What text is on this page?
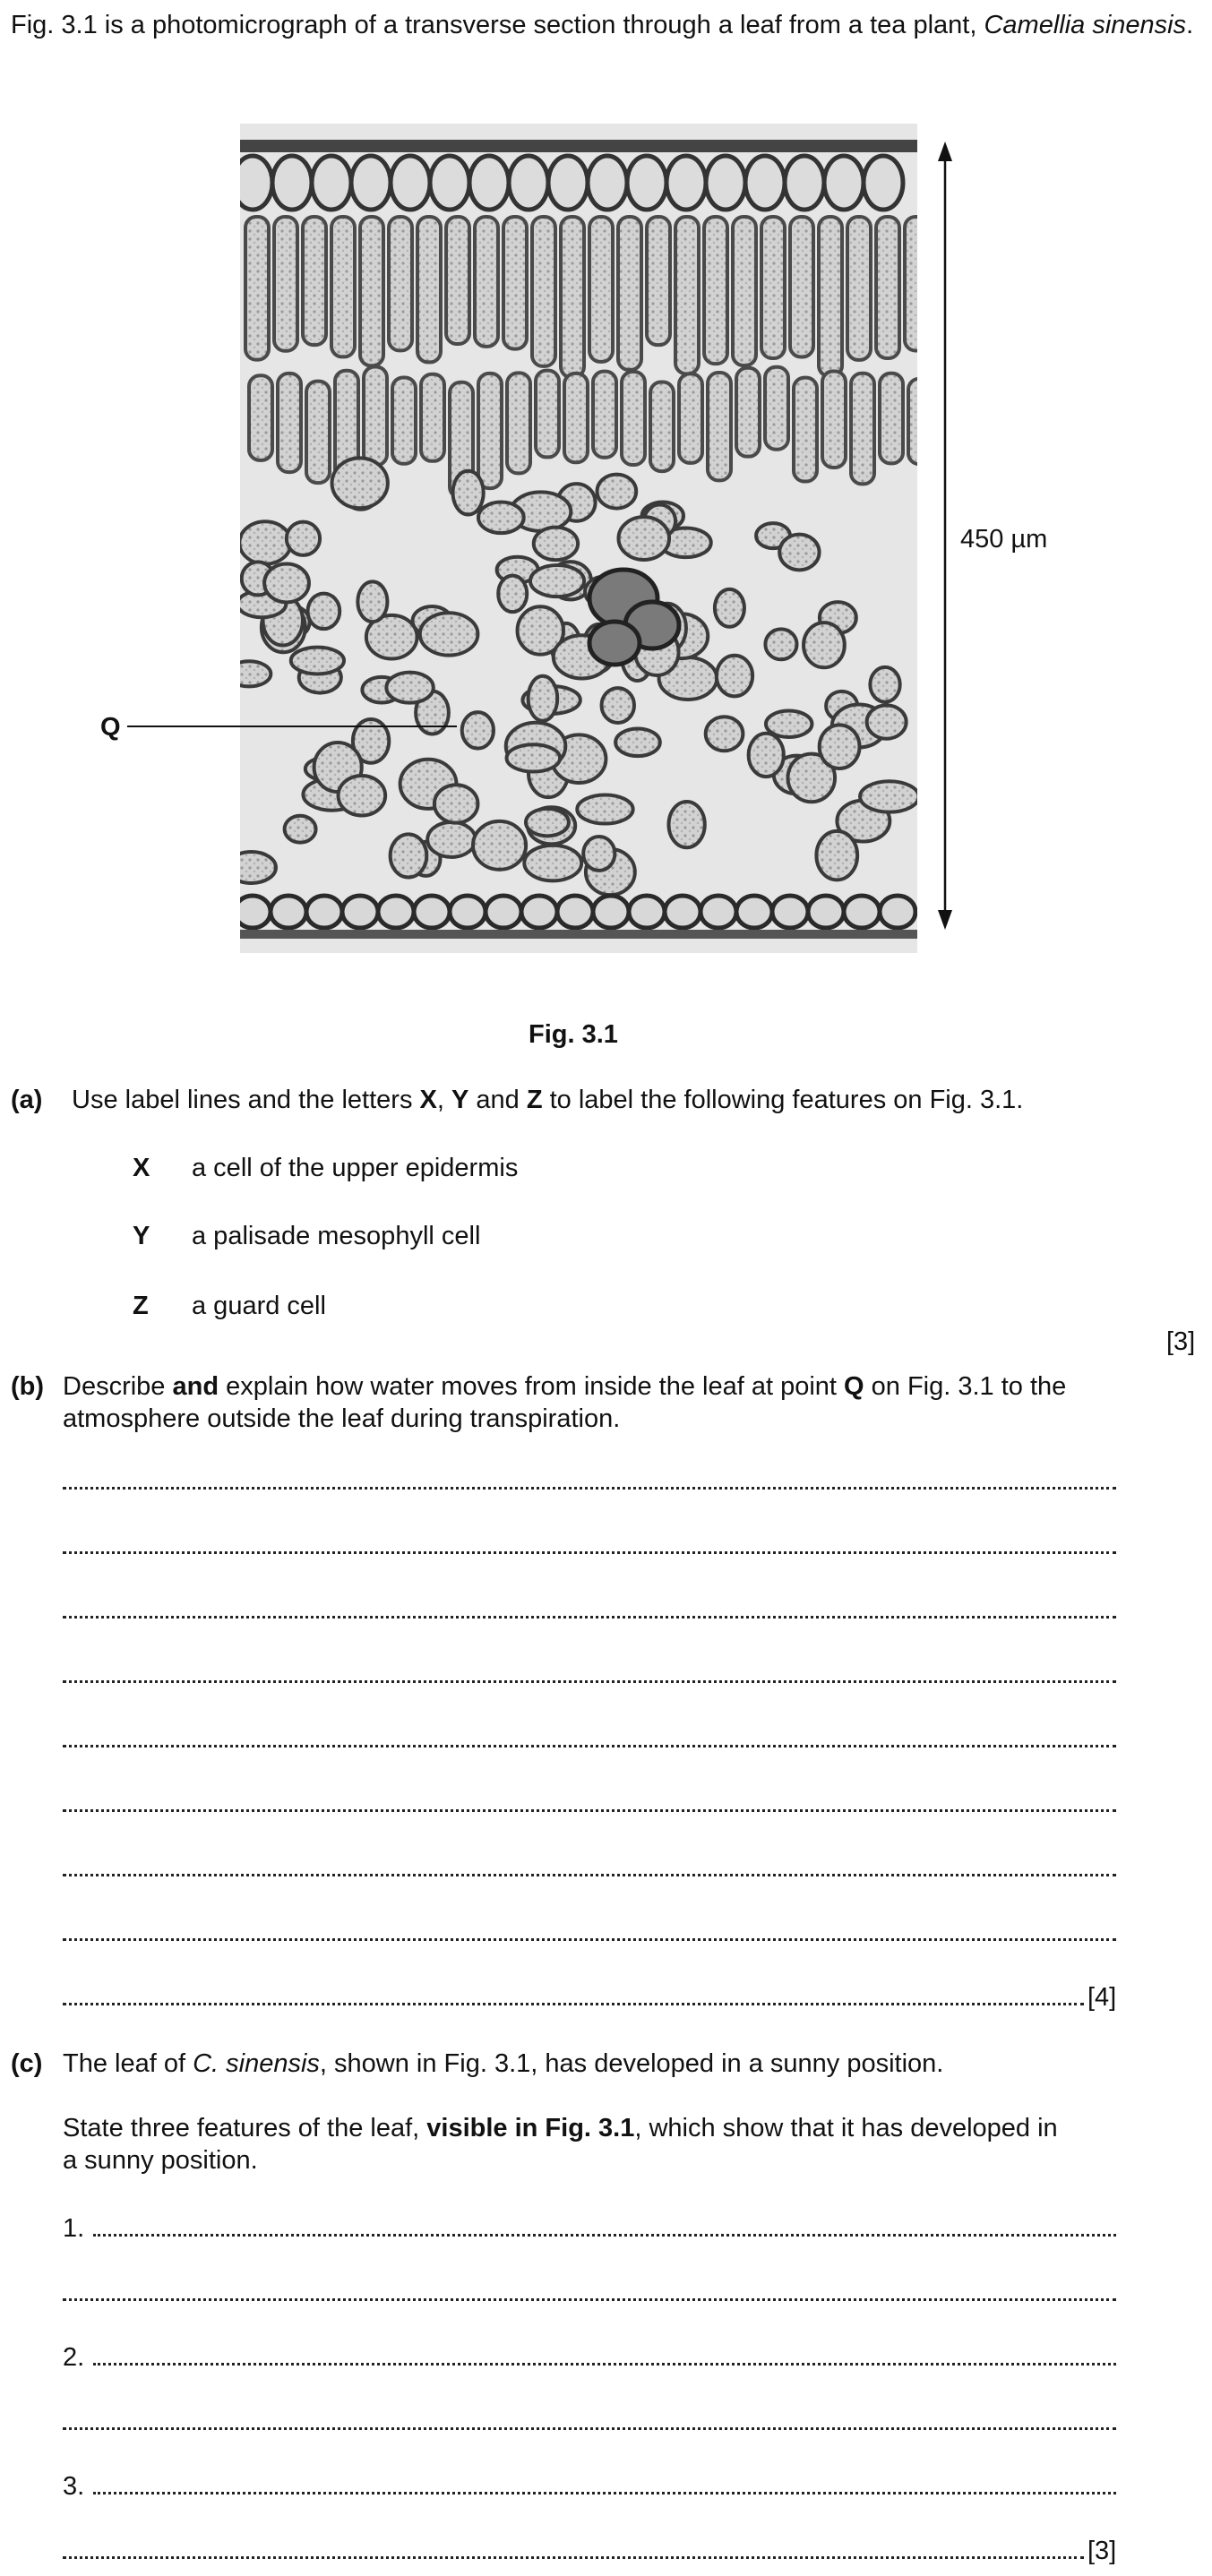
Fig. 3.1 is a photomicrograph of a transverse section through a leaf from a tea plant, Camellia sinensis.
450 µm
Q
Fig. 3.1
(a) Use label lines and the letters X, Y and Z to label the following features on Fig. 3.1.
X a cell of the upper epidermis
Y a palisade mesophyll cell
Z a guard cell
[3]
(b) Describe and explain how water moves from inside the leaf at point Q on Fig. 3.1 to the
atmosphere outside the leaf during transpiration.
[4]
(c) The leaf of C. sinensis, shown in Fig. 3.1, has developed in a sunny position.
State three features of the leaf, visible in Fig. 3.1, which show that it has developed in
a sunny position.
1.
2.
3.
[3]
